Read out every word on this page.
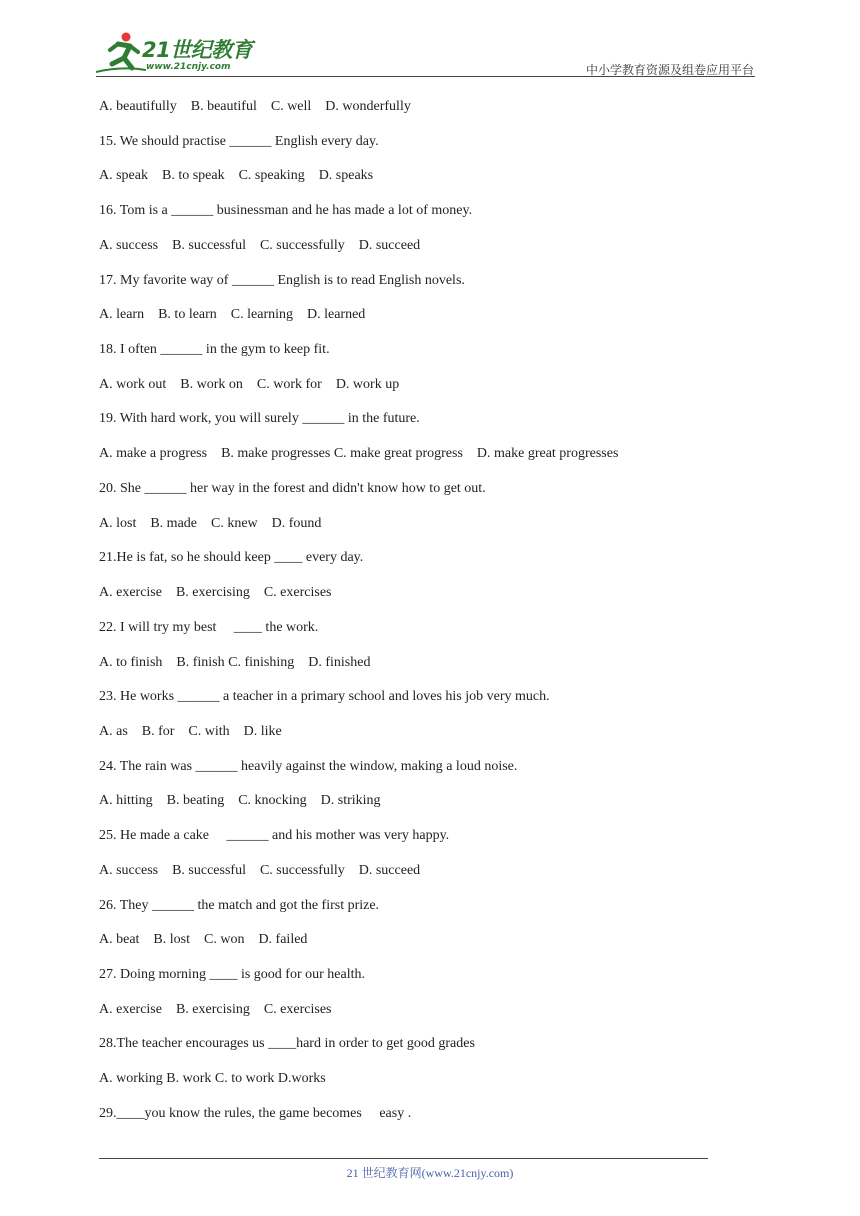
21世纪教育
www.21cnjy.com	中小学教育资源及组卷应用平台
A. beautifully    B. beautiful    C. well    D. wonderfully
15. We should practise ______ English every day.
A. speak    B. to speak    C. speaking    D. speaks
16. Tom is a ______ businessman and he has made a lot of money.
A. success    B. successful    C. successfully    D. succeed
17. My favorite way of ______ English is to read English novels.
A. learn    B. to learn    C. learning    D. learned
18. I often ______ in the gym to keep fit.
A. work out    B. work on    C. work for    D. work up
19. With hard work, you will surely ______ in the future.
A. make a progress    B. make progresses C. make great progress    D. make great progresses
20. She ______ her way in the forest and didn't know how to get out.
A. lost    B. made    C. knew    D. found
21.He is fat, so he should keep ____ every day.
A. exercise    B. exercising    C. exercises
22. I will try my best     ____ the work.
A. to finish    B. finish C. finishing    D. finished
23. He works ______ a teacher in a primary school and loves his job very much.
A. as    B. for    C. with    D. like
24. The rain was ______ heavily against the window, making a loud noise.
A. hitting    B. beating    C. knocking    D. striking
25. He made a cake     ______ and his mother was very happy.
A. success    B. successful    C. successfully    D. succeed
26. They ______ the match and got the first prize.
A. beat    B. lost    C. won    D. failed
27. Doing morning ____ is good for our health.
A. exercise    B. exercising    C. exercises
28.The teacher encourages us ____hard in order to get good grades
A. working B. work C. to work D.works
29.____you know the rules, the game becomes     easy .
21 世纪教育网(www.21cnjy.com)
